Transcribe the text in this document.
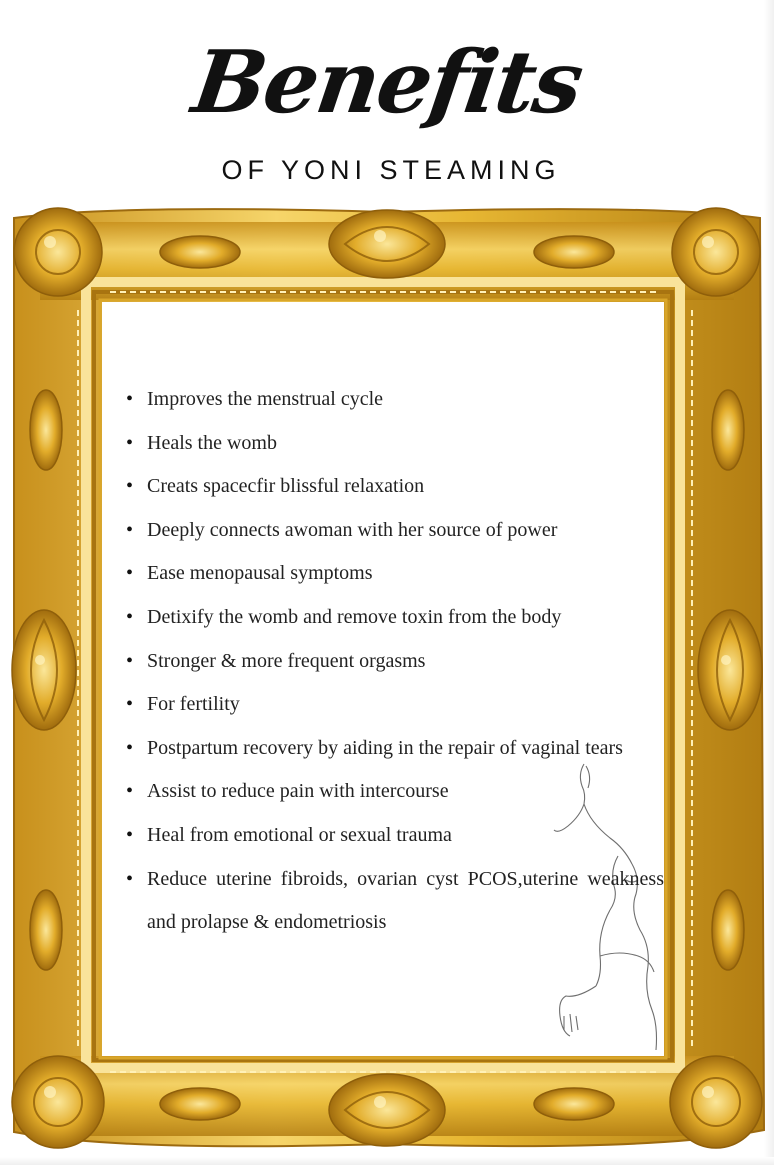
Benefits
OF YONI STEAMING
• Improves the menstrual cycle
• Heals the womb
• Creats spacecfir blissful relaxation
• Deeply connects awoman with her source of power
• Ease menopausal symptoms
• Detixify the womb and remove toxin from the body
• Stronger & more frequent orgasms
• For fertility
• Postpartum recovery by aiding in the repair of vaginal tears
• Assist to reduce pain with intercourse
• Heal from emotional or sexual trauma
• Reduce uterine fibroids, ovarian cyst PCOS,uterine weakness and prolapse & endometriosis
